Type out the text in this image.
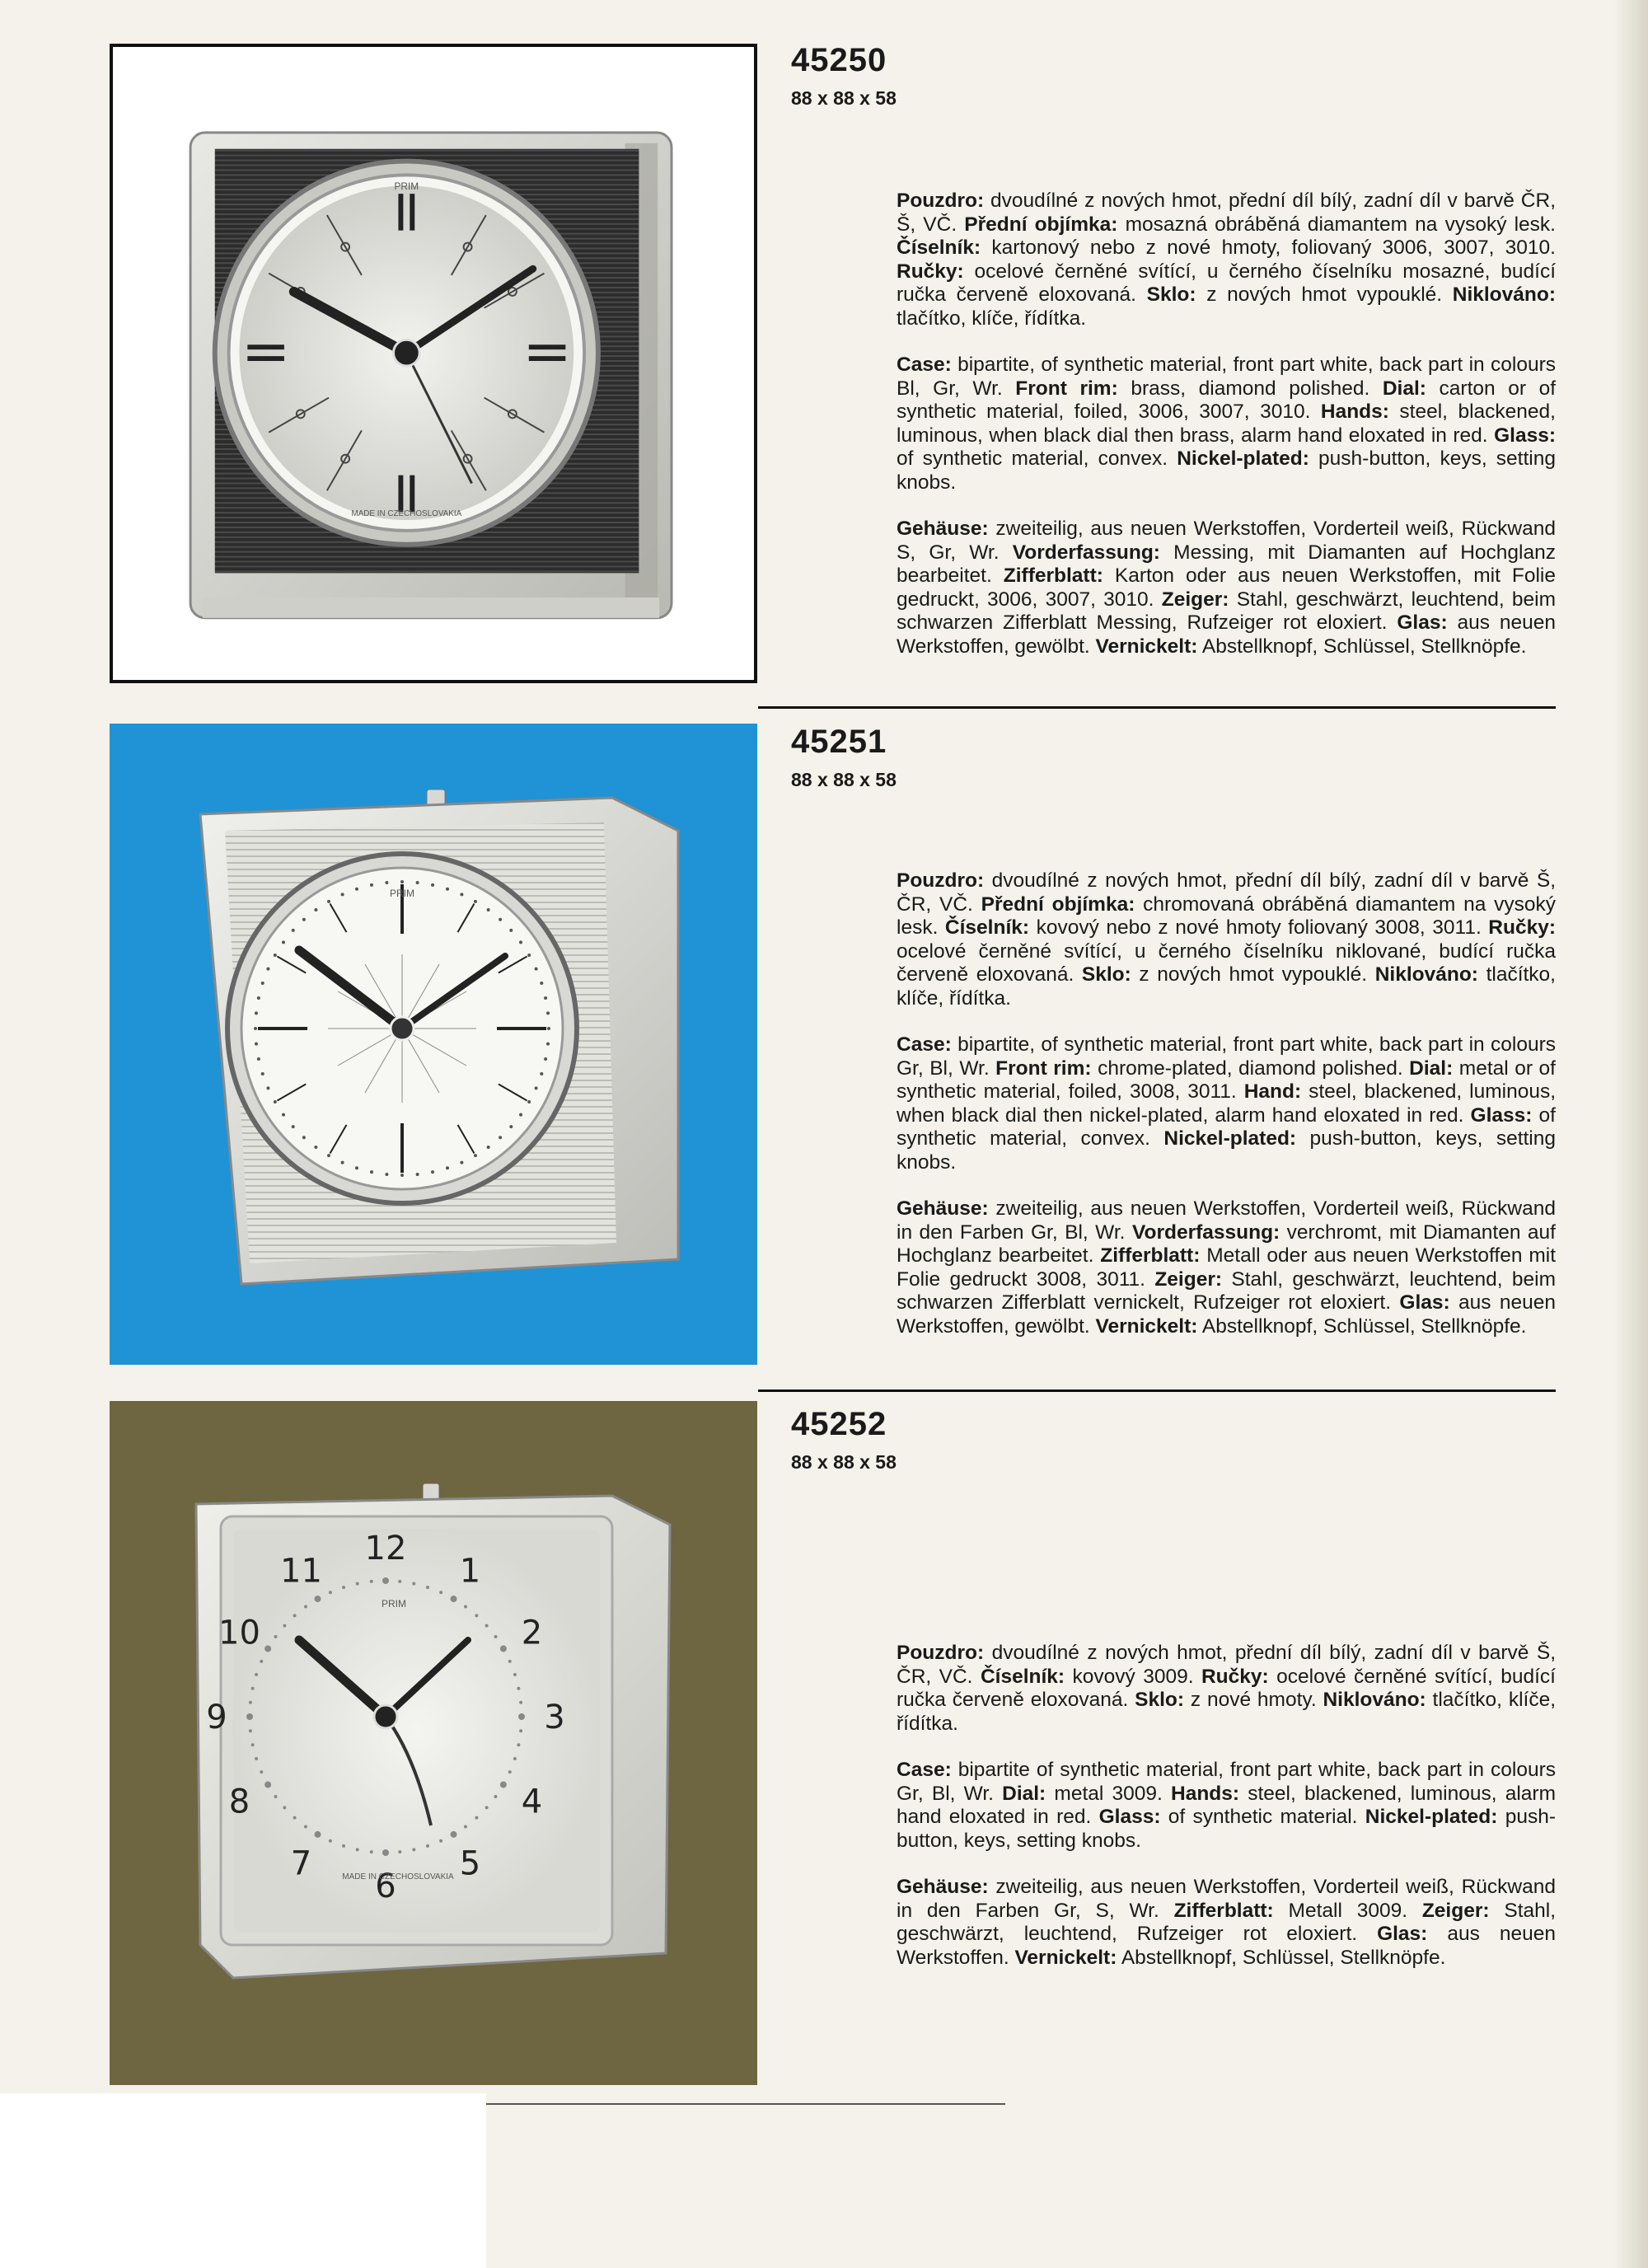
PRIM
MADE IN CZECHOSLOVAKIA
PRIM
12
1
2
3
4
5
6
7
8
9
10
11
PRIM
MADE IN CZECHOSLOVAKIA
45250
88 x 88 x 58

Pouzdro: dvoudílné z nových hmot, přední díl bílý, zadní díl v barvě ČR, Š, VČ. Přední objímka: mosazná obráběná diamantem na vysoký lesk. Číselník: kartonový nebo z nové hmoty, foliovaný 3006, 3007, 3010. Ručky: ocelové černěné svítící, u černého číselníku mosazné, budící ručka červeně eloxovaná. Sklo: z nových hmot vypouklé. Niklováno: tlačítko, klíče, řídítka.

Case: bipartite, of synthetic material, front part white, back part in colours Bl, Gr, Wr. Front rim: brass, diamond polished. Dial: carton or of synthetic material, foiled, 3006, 3007, 3010. Hands: steel, blackened, luminous, when black dial then brass, alarm hand eloxated in red. Glass: of synthetic material, convex. Nickel-plated: push-button, keys, setting knobs.

Gehäuse: zweiteilig, aus neuen Werkstoffen, Vorderteil weiß, Rückwand S, Gr, Wr. Vorderfassung: Messing, mit Diamanten auf Hochglanz bearbeitet. Zifferblatt: Karton oder aus neuen Werkstoffen, mit Folie gedruckt, 3006, 3007, 3010. Zeiger: Stahl, geschwärzt, leuchtend, beim schwarzen Zifferblatt Messing, Rufzeiger rot eloxiert. Glas: aus neuen Werkstoffen, gewölbt. Vernickelt: Abstellknopf, Schlüssel, Stellknöpfe.

45251
88 x 88 x 58

Pouzdro: dvoudílné z nových hmot, přední díl bílý, zadní díl v barvě Š, ČR, VČ. Přední objímka: chromovaná obráběná diamantem na vysoký lesk. Číselník: kovový nebo z nové hmoty foliovaný 3008, 3011. Ručky: ocelové černěné svítící, u černého číselníku niklované, budící ručka červeně eloxovaná. Sklo: z nových hmot vypouklé. Niklováno: tlačítko, klíče, řídítka.

Case: bipartite, of synthetic material, front part white, back part in colours Gr, Bl, Wr. Front rim: chrome-plated, diamond polished. Dial: metal or of synthetic material, foiled, 3008, 3011. Hand: steel, blackened, luminous, when black dial then nickel-plated, alarm hand eloxated in red. Glass: of synthetic material, convex. Nickel-plated: push-button, keys, setting knobs.

Gehäuse: zweiteilig, aus neuen Werkstoffen, Vorderteil weiß, Rückwand in den Farben Gr, Bl, Wr. Vorderfassung: verchromt, mit Diamanten auf Hochglanz bearbeitet. Zifferblatt: Metall oder aus neuen Werkstoffen mit Folie gedruckt 3008, 3011. Zeiger: Stahl, geschwärzt, leuchtend, beim schwarzen Zifferblatt vernickelt, Rufzeiger rot eloxiert. Glas: aus neuen Werkstoffen, gewölbt. Vernickelt: Abstellknopf, Schlüssel, Stellknöpfe.

45252
88 x 88 x 58

Pouzdro: dvoudílné z nových hmot, přední díl bílý, zadní díl v barvě Š, ČR, VČ. Číselník: kovový 3009. Ručky: ocelové černěné svítící, budící ručka červeně eloxovaná. Sklo: z nové hmoty. Niklováno: tlačítko, klíče, řídítka.

Case: bipartite of synthetic material, front part white, back part in colours Gr, Bl, Wr. Dial: metal 3009. Hands: steel, blackened, luminous, alarm hand eloxated in red. Glass: of synthetic material. Nickel-plated: push-button, keys, setting knobs.

Gehäuse: zweiteilig, aus neuen Werkstoffen, Vorderteil weiß, Rückwand in den Farben Gr, S, Wr. Zifferblatt: Metall 3009. Zeiger: Stahl, geschwärzt, leuchtend, Rufzeiger rot eloxiert. Glas: aus neuen Werkstoffen. Vernickelt: Abstellknopf, Schlüssel, Stellknöpfe.
